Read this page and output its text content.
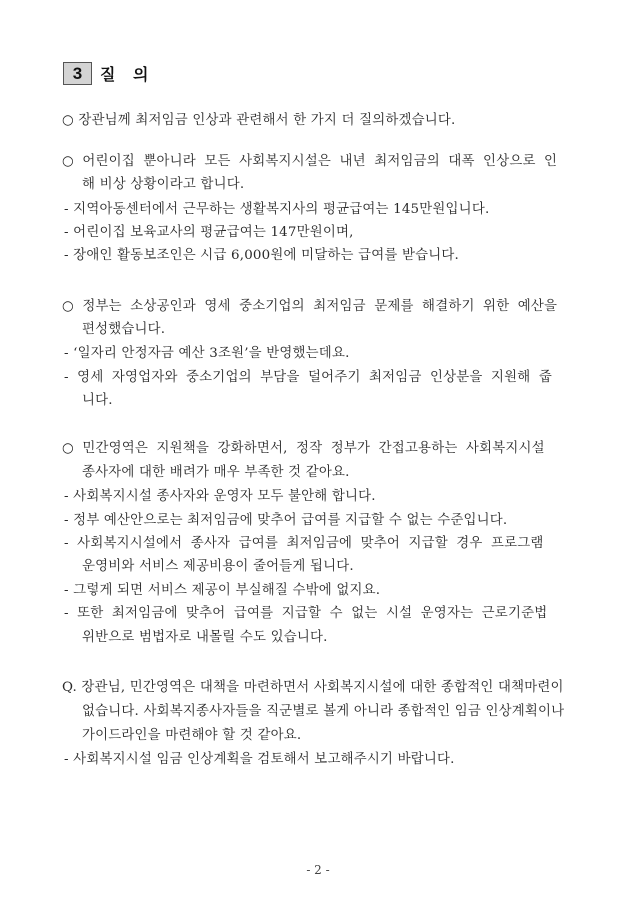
3	질 의
○ 장관님께 최저임금 인상과 관련해서 한 가지 더 질의하겠습니다.
○ 어린이집 뿐아니라 모든 사회복지시설은 내년 최저임금의 대폭 인상으로 인
해 비상 상황이라고 합니다.
- 지역아동센터에서 근무하는 생활복지사의 평균급여는 145만원입니다.
- 어린이집 보육교사의 평균급여는 147만원이며,
- 장애인 활동보조인은 시급 6,000원에 미달하는 급여를 받습니다.
○ 정부는 소상공인과 영세 중소기업의 최저임금 문제를 해결하기 위한 예산을
편성했습니다.
- ‘일자리 안정자금 예산 3조원’을 반영했는데요.
- 영세 자영업자와 중소기업의 부담을 덜어주기 최저임금 인상분을 지원해 줍
니다.
○ 민간영역은 지원책을 강화하면서, 정작 정부가 간접고용하는 사회복지시설
종사자에 대한 배려가 매우 부족한 것 같아요.
- 사회복지시설 종사자와 운영자 모두 불안해 합니다.
- 정부 예산안으로는 최저임금에 맞추어 급여를 지급할 수 없는 수준입니다.
- 사회복지시설에서 종사자 급여를 최저임금에 맞추어 지급할 경우 프로그램
운영비와 서비스 제공비용이 줄어들게 됩니다.
- 그렇게 되면 서비스 제공이 부실해질 수밖에 없지요.
- 또한 최저임금에 맞추어 급여를 지급할 수 없는 시설 운영자는 근로기준법
위반으로 범법자로 내몰릴 수도 있습니다.
Q. 장관님, 민간영역은 대책을 마련하면서 사회복지시설에 대한 종합적인 대책마련이
없습니다. 사회복지종사자들을 직군별로 볼게 아니라 종합적인 임금 인상계획이나
가이드라인을 마련해야 할 것 같아요.
- 사회복지시설 임금 인상계획을 검토해서 보고해주시기 바랍니다.
- 2 -
